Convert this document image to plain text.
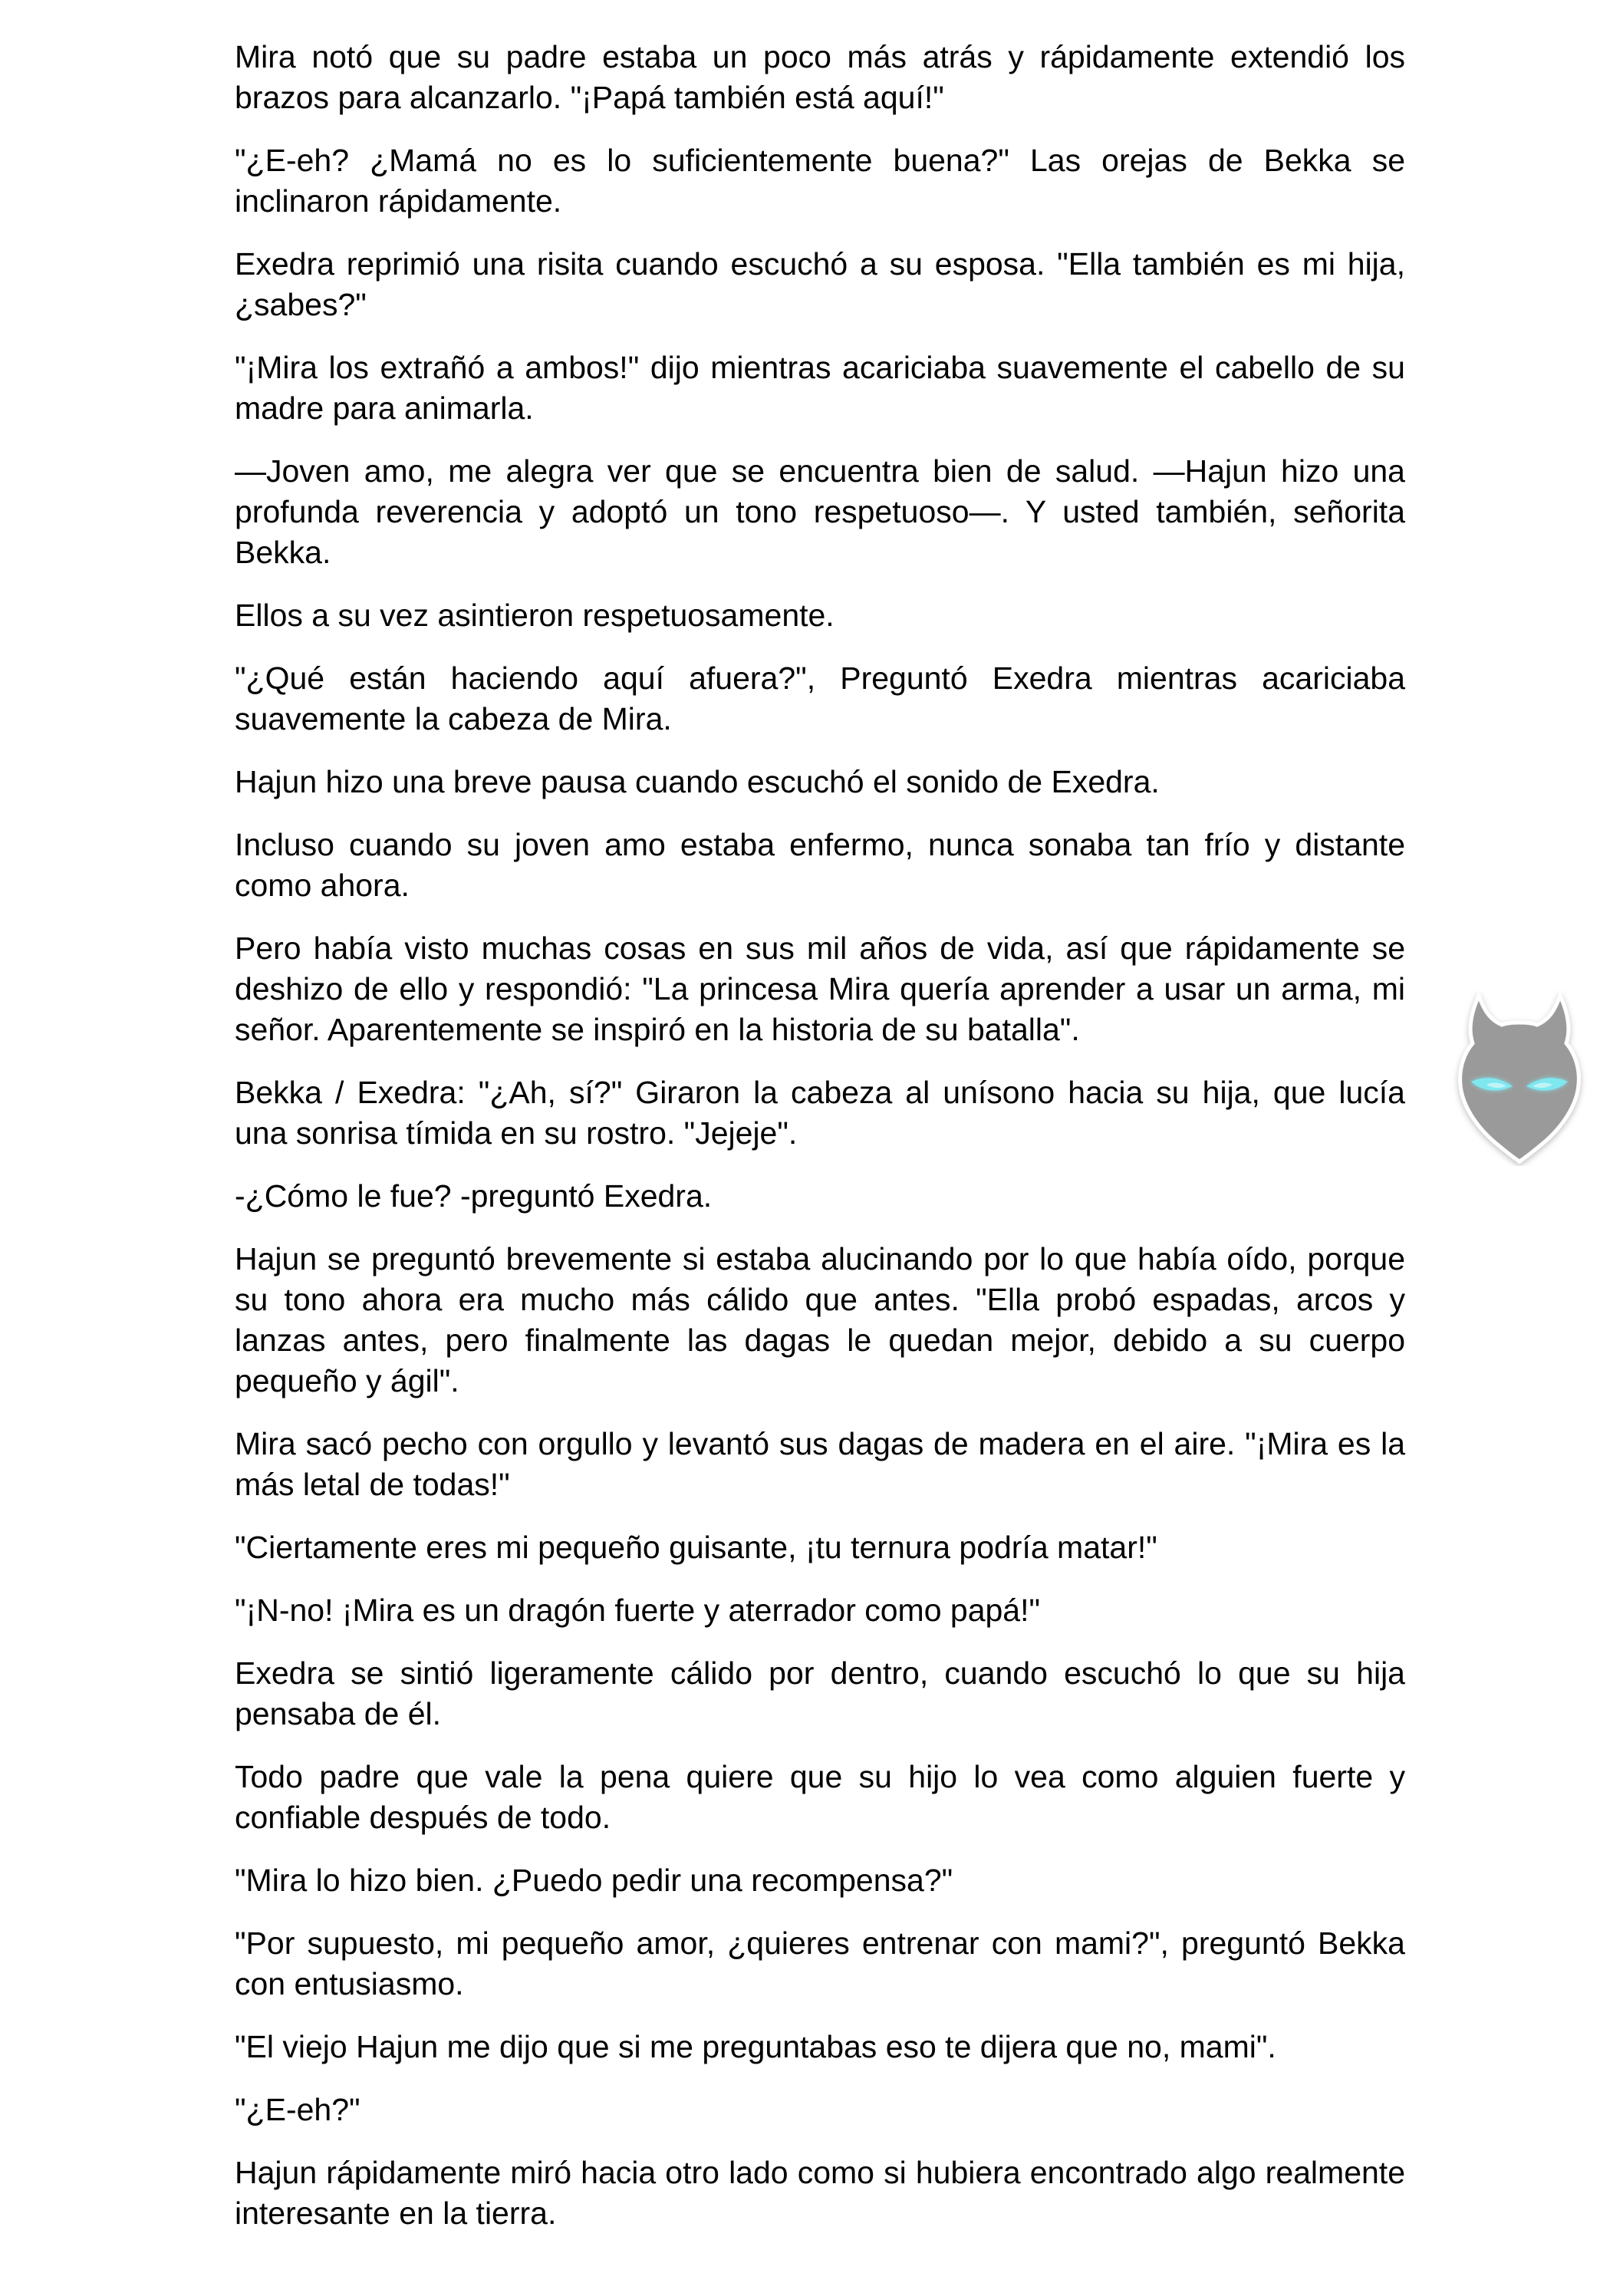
Mira notó que su padre estaba un poco más atrás y rápidamente extendió los brazos para alcanzarlo. "¡Papá también está aquí!"

"¿E-eh? ¿Mamá no es lo suficientemente buena?" Las orejas de Bekka se inclinaron rápidamente.

Exedra reprimió una risita cuando escuchó a su esposa. "Ella también es mi hija, ¿sabes?"

"¡Mira los extrañó a ambos!" dijo mientras acariciaba suavemente el cabello de su madre para animarla.

—Joven amo, me alegra ver que se encuentra bien de salud. —Hajun hizo una profunda reverencia y adoptó un tono respetuoso—. Y usted también, señorita Bekka.

Ellos a su vez asintieron respetuosamente.

"¿Qué están haciendo aquí afuera?", Preguntó Exedra mientras acariciaba suavemente la cabeza de Mira.

Hajun hizo una breve pausa cuando escuchó el sonido de Exedra.

Incluso cuando su joven amo estaba enfermo, nunca sonaba tan frío y distante como ahora.

Pero había visto muchas cosas en sus mil años de vida, así que rápidamente se deshizo de ello y respondió: "La princesa Mira quería aprender a usar un arma, mi señor. Aparentemente se inspiró en la historia de su batalla".

Bekka / Exedra: "¿Ah, sí?" Giraron la cabeza al unísono hacia su hija, que lucía una sonrisa tímida en su rostro. "Jejeje".

-¿Cómo le fue? -preguntó Exedra.

Hajun se preguntó brevemente si estaba alucinando por lo que había oído, porque su tono ahora era mucho más cálido que antes. "Ella probó espadas, arcos y lanzas antes, pero finalmente las dagas le quedan mejor, debido a su cuerpo pequeño y ágil".

Mira sacó pecho con orgullo y levantó sus dagas de madera en el aire. "¡Mira es la más letal de todas!"

"Ciertamente eres mi pequeño guisante, ¡tu ternura podría matar!"

"¡N-no! ¡Mira es un dragón fuerte y aterrador como papá!"

Exedra se sintió ligeramente cálido por dentro, cuando escuchó lo que su hija pensaba de él.

Todo padre que vale la pena quiere que su hijo lo vea como alguien fuerte y confiable después de todo.

"Mira lo hizo bien. ¿Puedo pedir una recompensa?"

"Por supuesto, mi pequeño amor, ¿quieres entrenar con mami?", preguntó Bekka con entusiasmo.

"El viejo Hajun me dijo que si me preguntabas eso te dijera que no, mami".

"¿E-eh?"

Hajun rápidamente miró hacia otro lado como si hubiera encontrado algo realmente interesante en la tierra.
